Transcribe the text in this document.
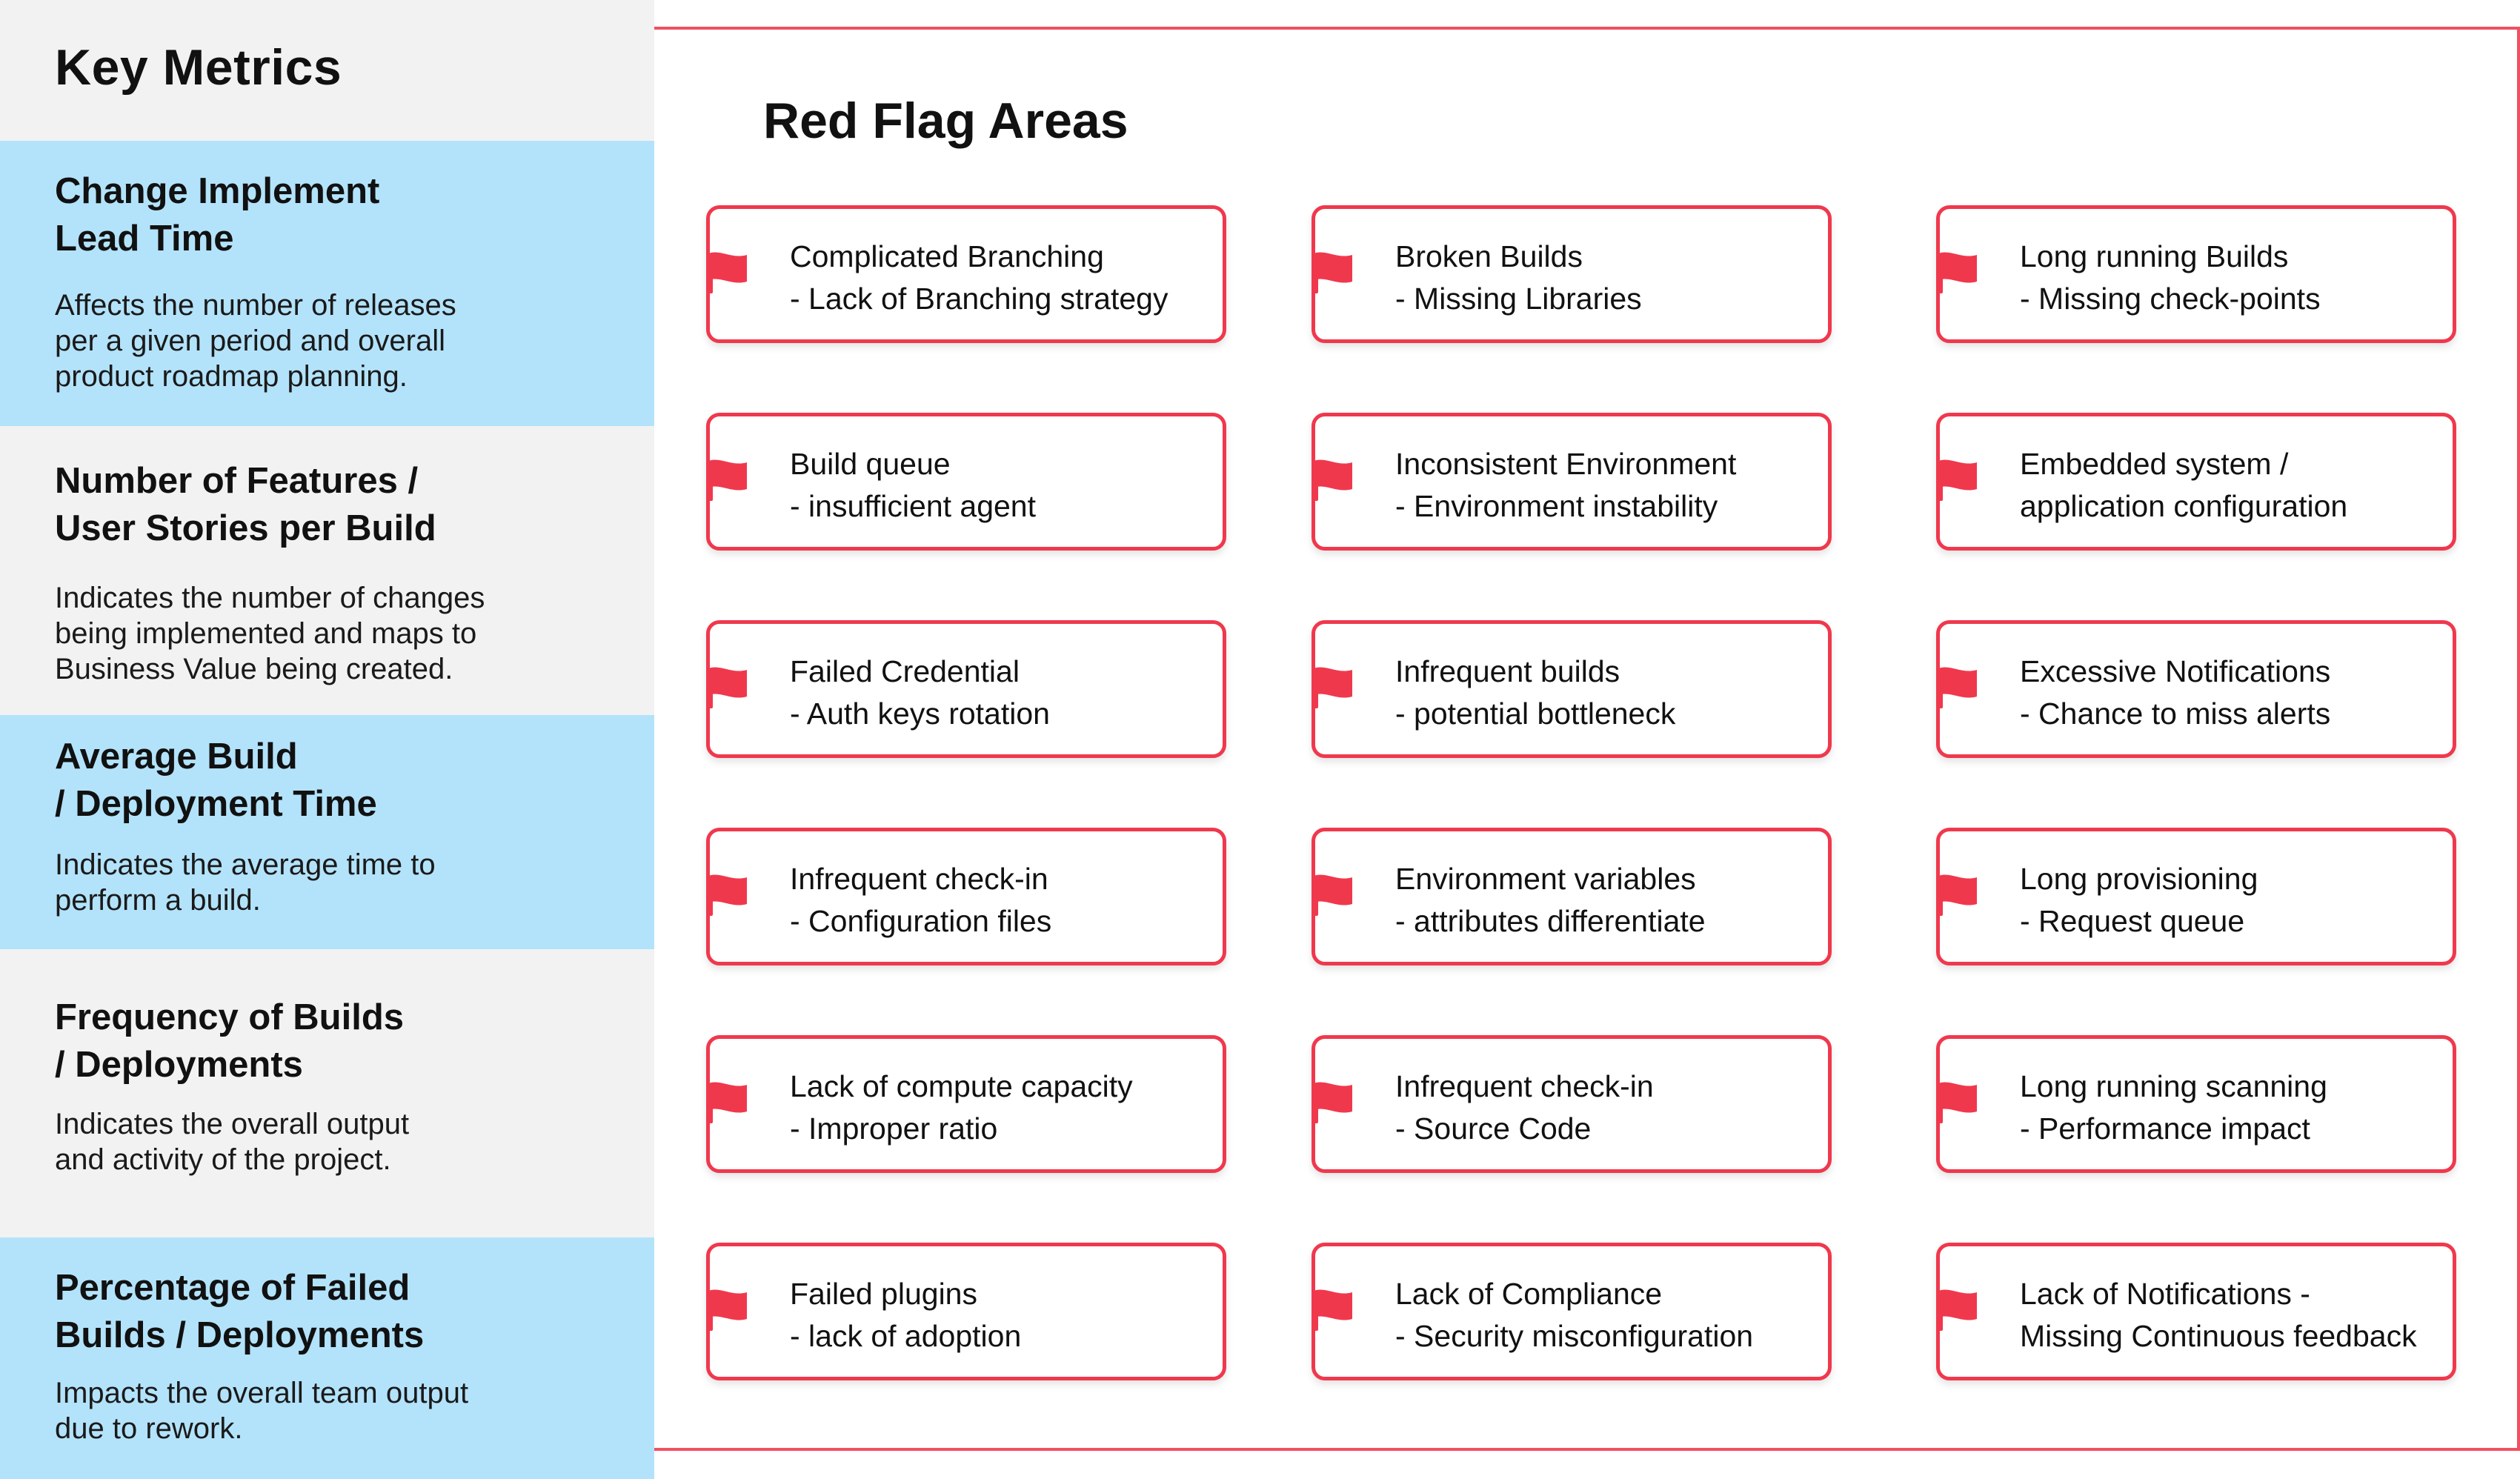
Key Metrics

Change Implement
Lead Time

Affects the number of releases
per a given period and overall
product roadmap planning.

Number of Features /
User Stories per Build

Indicates the number of changes
being implemented and maps to
Business Value being created.

Average Build
/ Deployment Time

Indicates the average time to
perform a build.

Frequency of Builds
/ Deployments

Indicates the overall output
and activity of the project.

Percentage of Failed
Builds / Deployments

Impacts the overall team output
due to rework.

Red Flag Areas
Complicated Branching
- Lack of Branching strategy
Broken Builds
- Missing Libraries
Long running Builds
- Missing check-points
Build queue
- insufficient agent
Inconsistent Environment
- Environment instability
Embedded system /
application configuration
Failed Credential
- Auth keys rotation
Infrequent builds
- potential bottleneck
Excessive Notifications
- Chance to miss alerts
Infrequent check-in
- Configuration files
Environment variables
- attributes differentiate
Long provisioning
- Request queue
Lack of compute capacity
- Improper ratio
Infrequent check-in
- Source Code
Long running scanning
- Performance impact
Failed plugins
- lack of adoption
Lack of Compliance
- Security misconfiguration
Lack of Notifications -
Missing Continuous feedback
